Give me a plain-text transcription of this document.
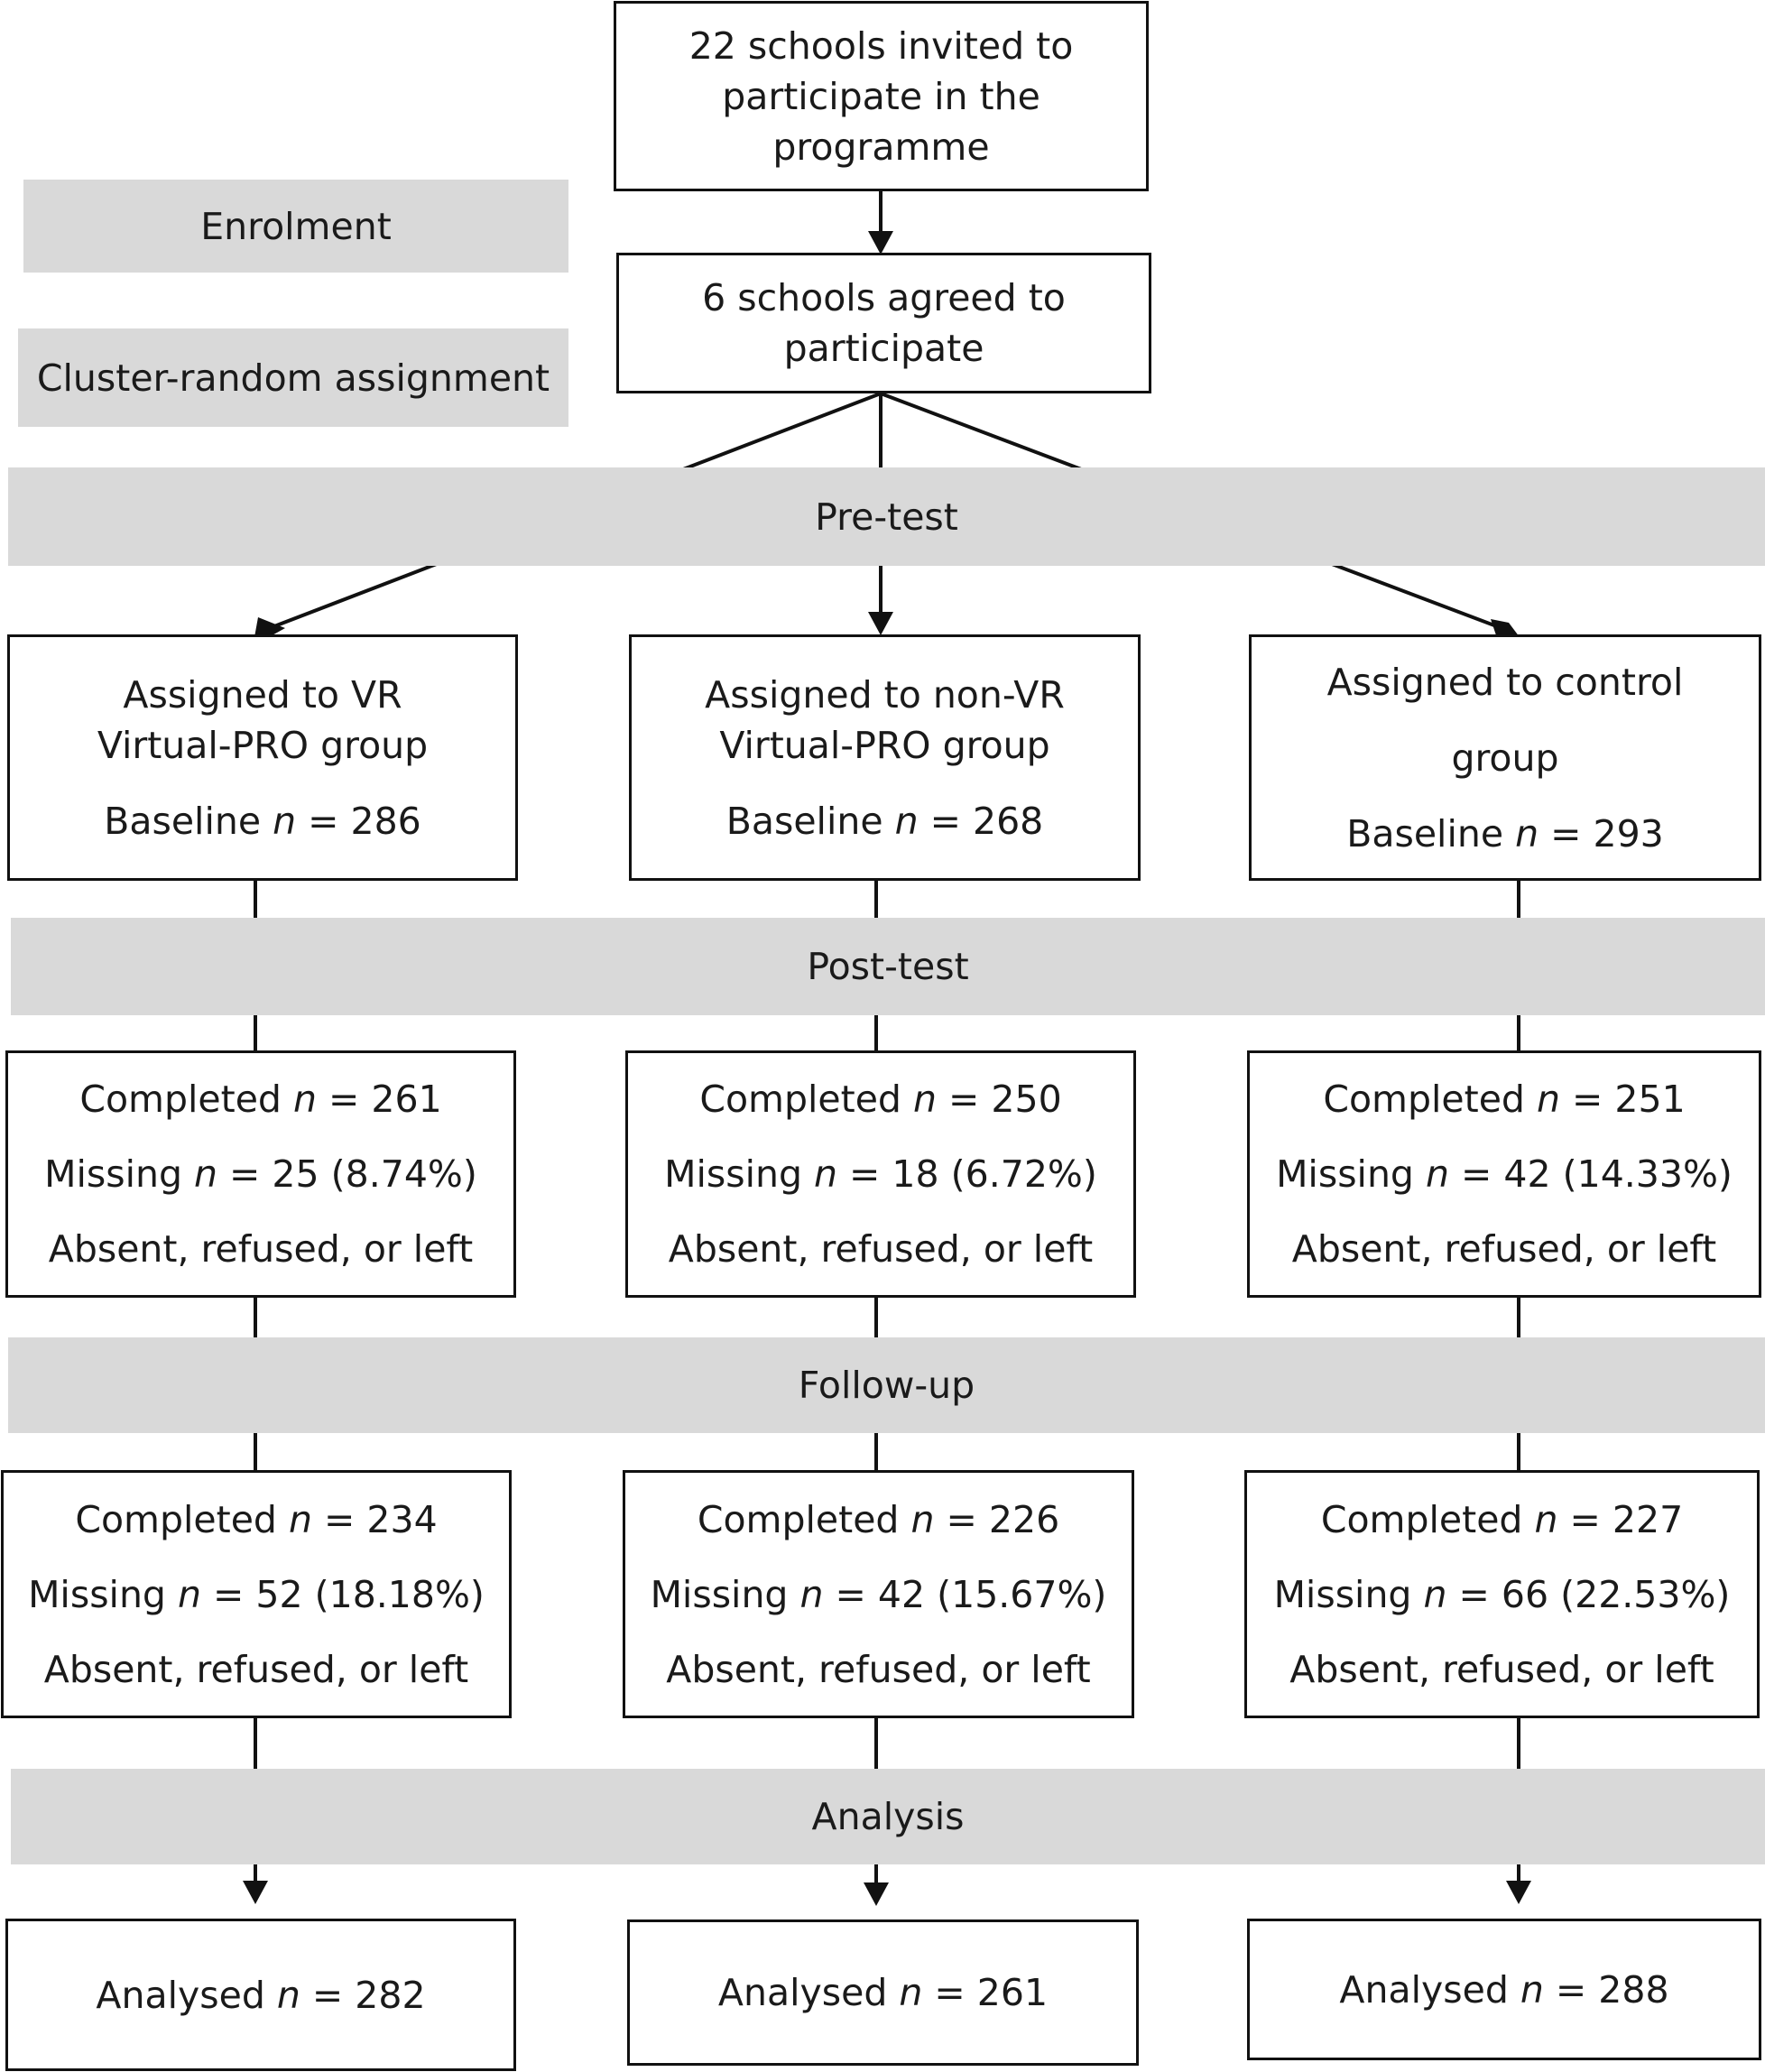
Enrolment
Cluster-random assignment
Pre-test
Post-test
Follow-up
Analysis
22 schools invited to
participate in the
programme
6 schools agreed to
participate
Assigned to VR
Virtual-PRO group
Baseline n = 286
Completed n = 261
Missing n = 25 (8.74%)
Absent, refused, or left
Completed n = 234
Missing n = 52 (18.18%)
Absent, refused, or left
Analysed n = 282
Assigned to non-VR
Virtual-PRO group
Baseline n = 268
Completed n = 250
Missing n = 18 (6.72%)
Absent, refused, or left
Completed n = 226
Missing n = 42 (15.67%)
Absent, refused, or left
Analysed n = 261
Assigned to control
group
Baseline n = 293
Completed n = 251
Missing n = 42 (14.33%)
Absent, refused, or left
Completed n = 227
Missing n = 66 (22.53%)
Absent, refused, or left
Analysed n = 288
